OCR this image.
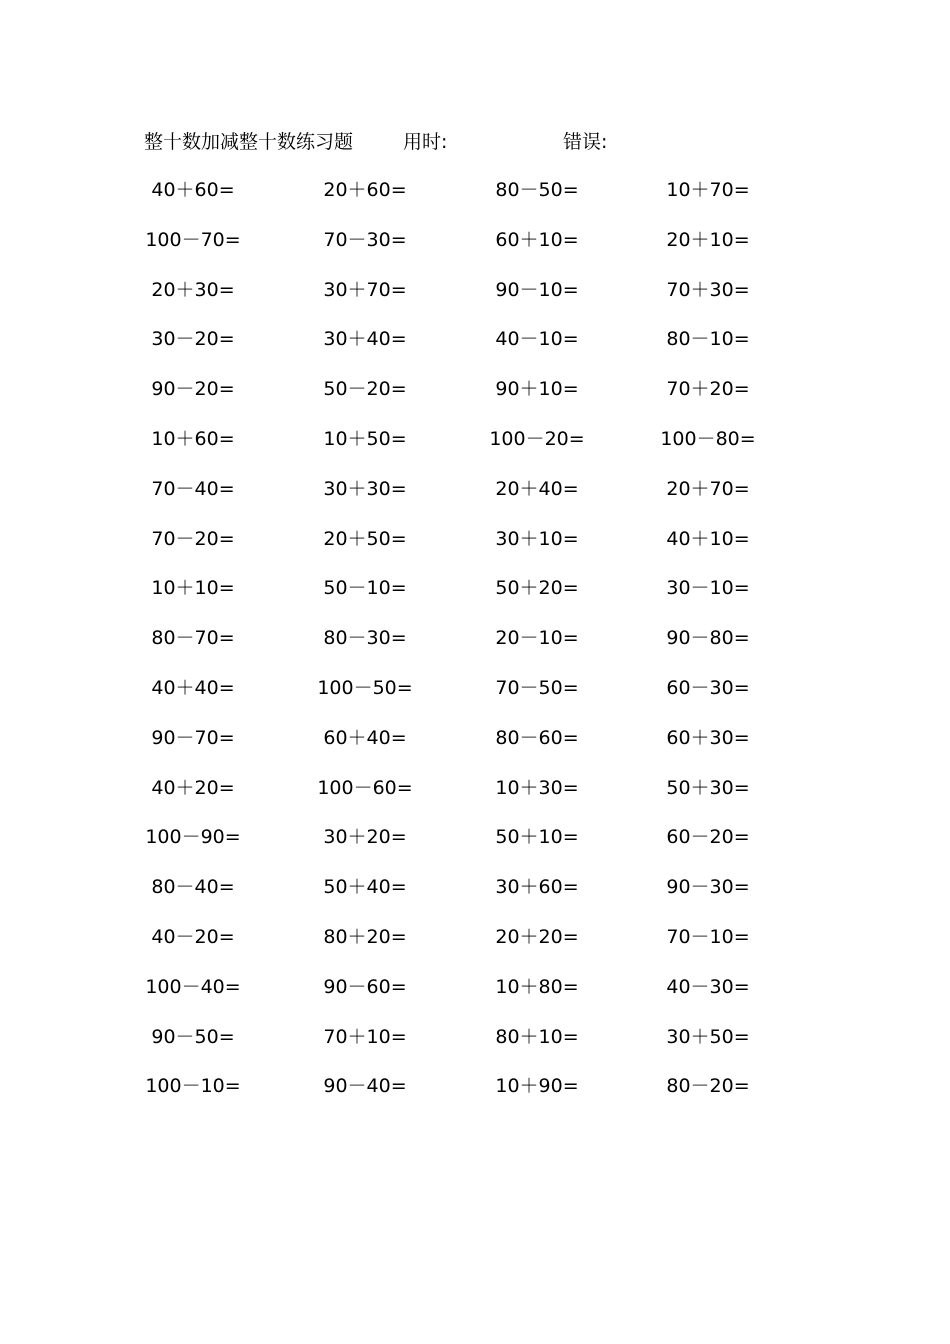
整十数加减整十数练习题	用时:	错误:
40＋60=	20＋60=	80－50=	10＋70=
100－70=	70－30=	60＋10=	20＋10=
20＋30=	30＋70=	90－10=	70＋30=
30－20=	30＋40=	40－10=	80－10=
90－20=	50－20=	90＋10=	70＋20=
10＋60=	10＋50=	100－20=	100－80=
70－40=	30＋30=	20＋40=	20＋70=
70－20=	20＋50=	30＋10=	40＋10=
10＋10=	50－10=	50＋20=	30－10=
80－70=	80－30=	20－10=	90－80=
40＋40=	100－50=	70－50=	60－30=
90－70=	60＋40=	80－60=	60＋30=
40＋20=	100－60=	10＋30=	50＋30=
100－90=	30＋20=	50＋10=	60－20=
80－40=	50＋40=	30＋60=	90－30=
40－20=	80＋20=	20＋20=	70－10=
100－40=	90－60=	10＋80=	40－30=
90－50=	70＋10=	80＋10=	30＋50=
100－10=	90－40=	10＋90=	80－20=
